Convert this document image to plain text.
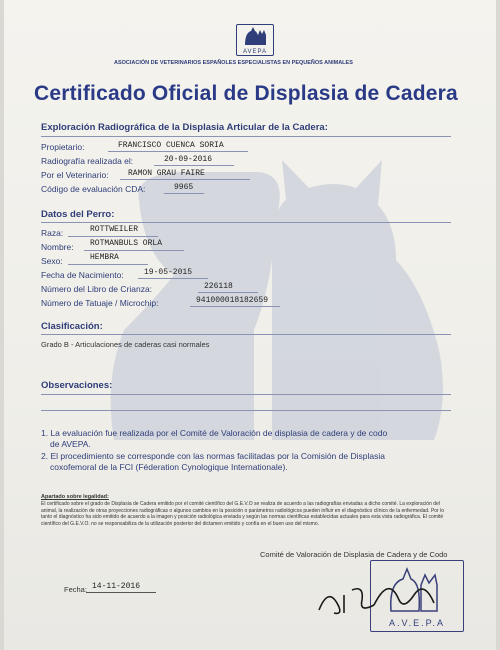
AVEPA
ASOCIACIÓN DE VETERINARIOS ESPAÑOLES ESPECIALISTAS EN PEQUEÑOS ANIMALES
Certificado Oficial de Displasia de Cadera
Exploración Radiográfica de la Displasia Articular de la Cadera:
Propietario:	FRANCISCO CUENCA SORIA
Radiografía realizada el:	20-09-2016
Por el Veterinario: RAMON GRAU FAIRE
Código de evaluación CDA:	9965
Datos del Perro:
Raza:	ROTTWEILER
Nombre: ROTMANBULS ORLA
Sexo:	HEMBRA
Fecha de Nacimiento:	19-05-2015
Número del Libro de Crianza:	226118
Número de Tatuaje / Microchip:	941000018182659
Clasificación:
Grado B - Articulaciones de caderas casi normales
Observaciones:
1. La evaluación fue realizada por el Comité de Valoración de displasia de cadera y de codo
de AVEPA.
2. El procedimiento se corresponde con las normas facilitadas por la Comisión de Displasia
coxofemoral de la FCI (Féderation Cynologique Internationale).
Apartado sobre legalidad:
El certificado sobre el grado de Displasia de Cadera emitido por el comité científico del G.E.V.O se realiza de acuerdo a las radiografías enviadas a dicho comité. La exploración del animal, la realización de otras proyecciones radiográficas o algunos cambios en la posición o parámetros radiológicos pueden influir en el diagnóstico clínico de la enfermedad. Por lo tanto el diagnóstico ha sido emitido de acuerdo a la imagen y posición radiológica enviada y según las normas científicas establecidas actuales para esta vista radiográfica. El comité científico del G.E.V.O. no se responsabiliza de la utilización posterior del dictamen emitido y confía en el buen uso del mismo.
Comité de Valoración de Displasia de Cadera y de Codo
Fecha: 14-11-2016
A.V.E.P.A
